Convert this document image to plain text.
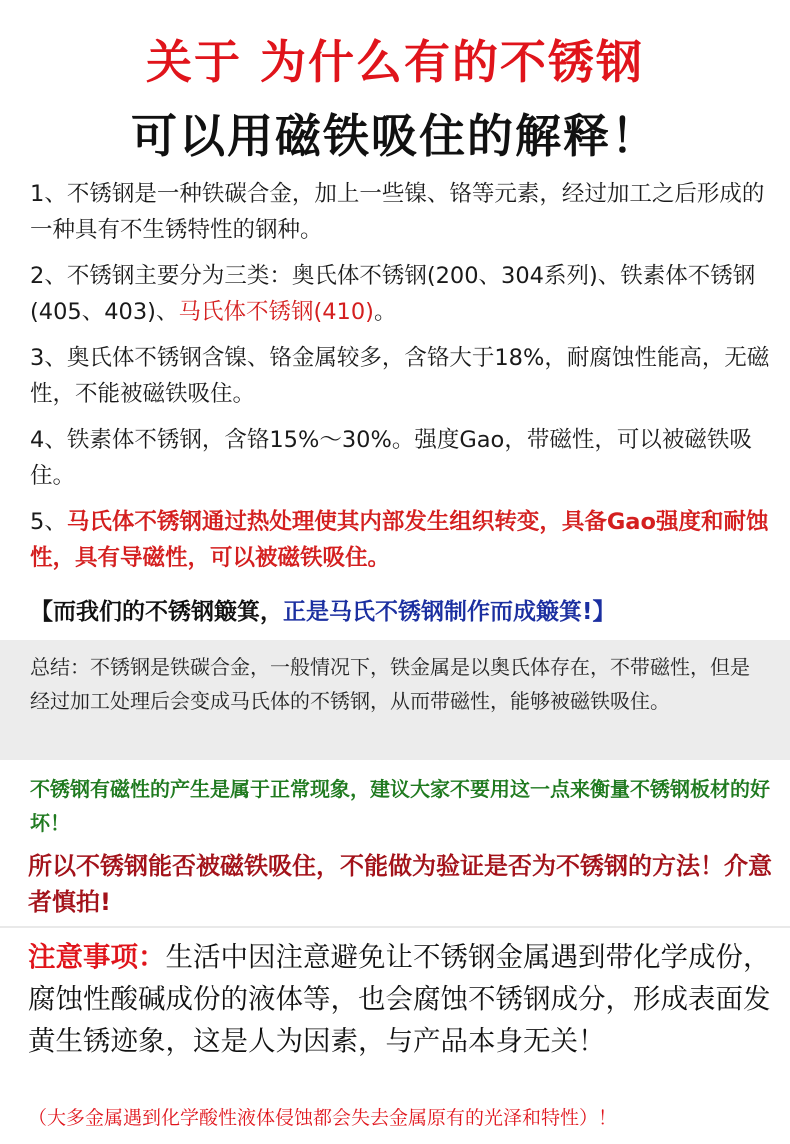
关于 为什么有的不锈钢
可以用磁铁吸住的解释！
1、不锈钢是一种铁碳合金，加上一些镍、铬等元素，经过加工之后形成的一种具有不生锈特性的钢种。
2、不锈钢主要分为三类：奥氏体不锈钢(200、304系列)、铁素体不锈钢(405、403)、马氏体不锈钢(410)。
3、奥氏体不锈钢含镍、铬金属较多，含铬大于18%，耐腐蚀性能高，无磁性，不能被磁铁吸住。
4、铁素体不锈钢，含铬15%～30%。强度Gao，带磁性，可以被磁铁吸住。
5、马氏体不锈钢通过热处理使其内部发生组织转变，具备Gao强度和耐蚀性，具有导磁性，可以被磁铁吸住。
【而我们的不锈钢簸箕，正是马氏不锈钢制作而成簸箕!】
总结：不锈钢是铁碳合金，一般情况下，铁金属是以奥氏体存在，不带磁性，但是经过加工处理后会变成马氏体的不锈钢，从而带磁性，能够被磁铁吸住。
不锈钢有磁性的产生是属于正常现象，建议大家不要用这一点来衡量不锈钢板材的好坏！
所以不锈钢能否被磁铁吸住，不能做为验证是否为不锈钢的方法！介意者慎拍!
注意事项：生活中因注意避免让不锈钢金属遇到带化学成份，腐蚀性酸碱成份的液体等，也会腐蚀不锈钢成分，形成表面发黄生锈迹象，这是人为因素，与产品本身无关！
（大多金属遇到化学酸性液体侵蚀都会失去金属原有的光泽和特性）！
